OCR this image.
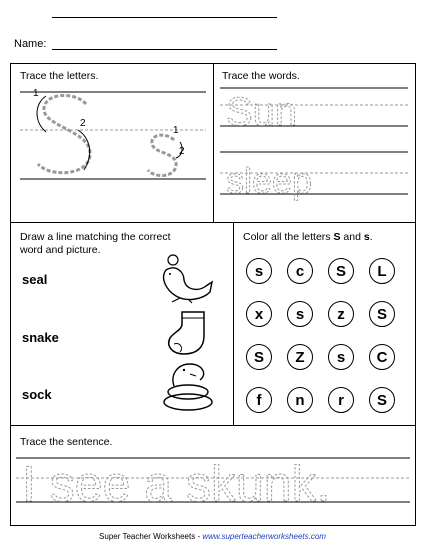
Name:
Trace the letters.
1
2
1
2
Trace the words.
Sun
sleep
Draw a line matching the correct
word and picture.
seal
snake
sock
Color all the letters S and s.
s	c	S	L
x	s	z	S
S	Z	s	C
f	n	r	S
Trace the sentence.
I see a skunk.
Super Teacher Worksheets - www.superteacherworksheets.com
